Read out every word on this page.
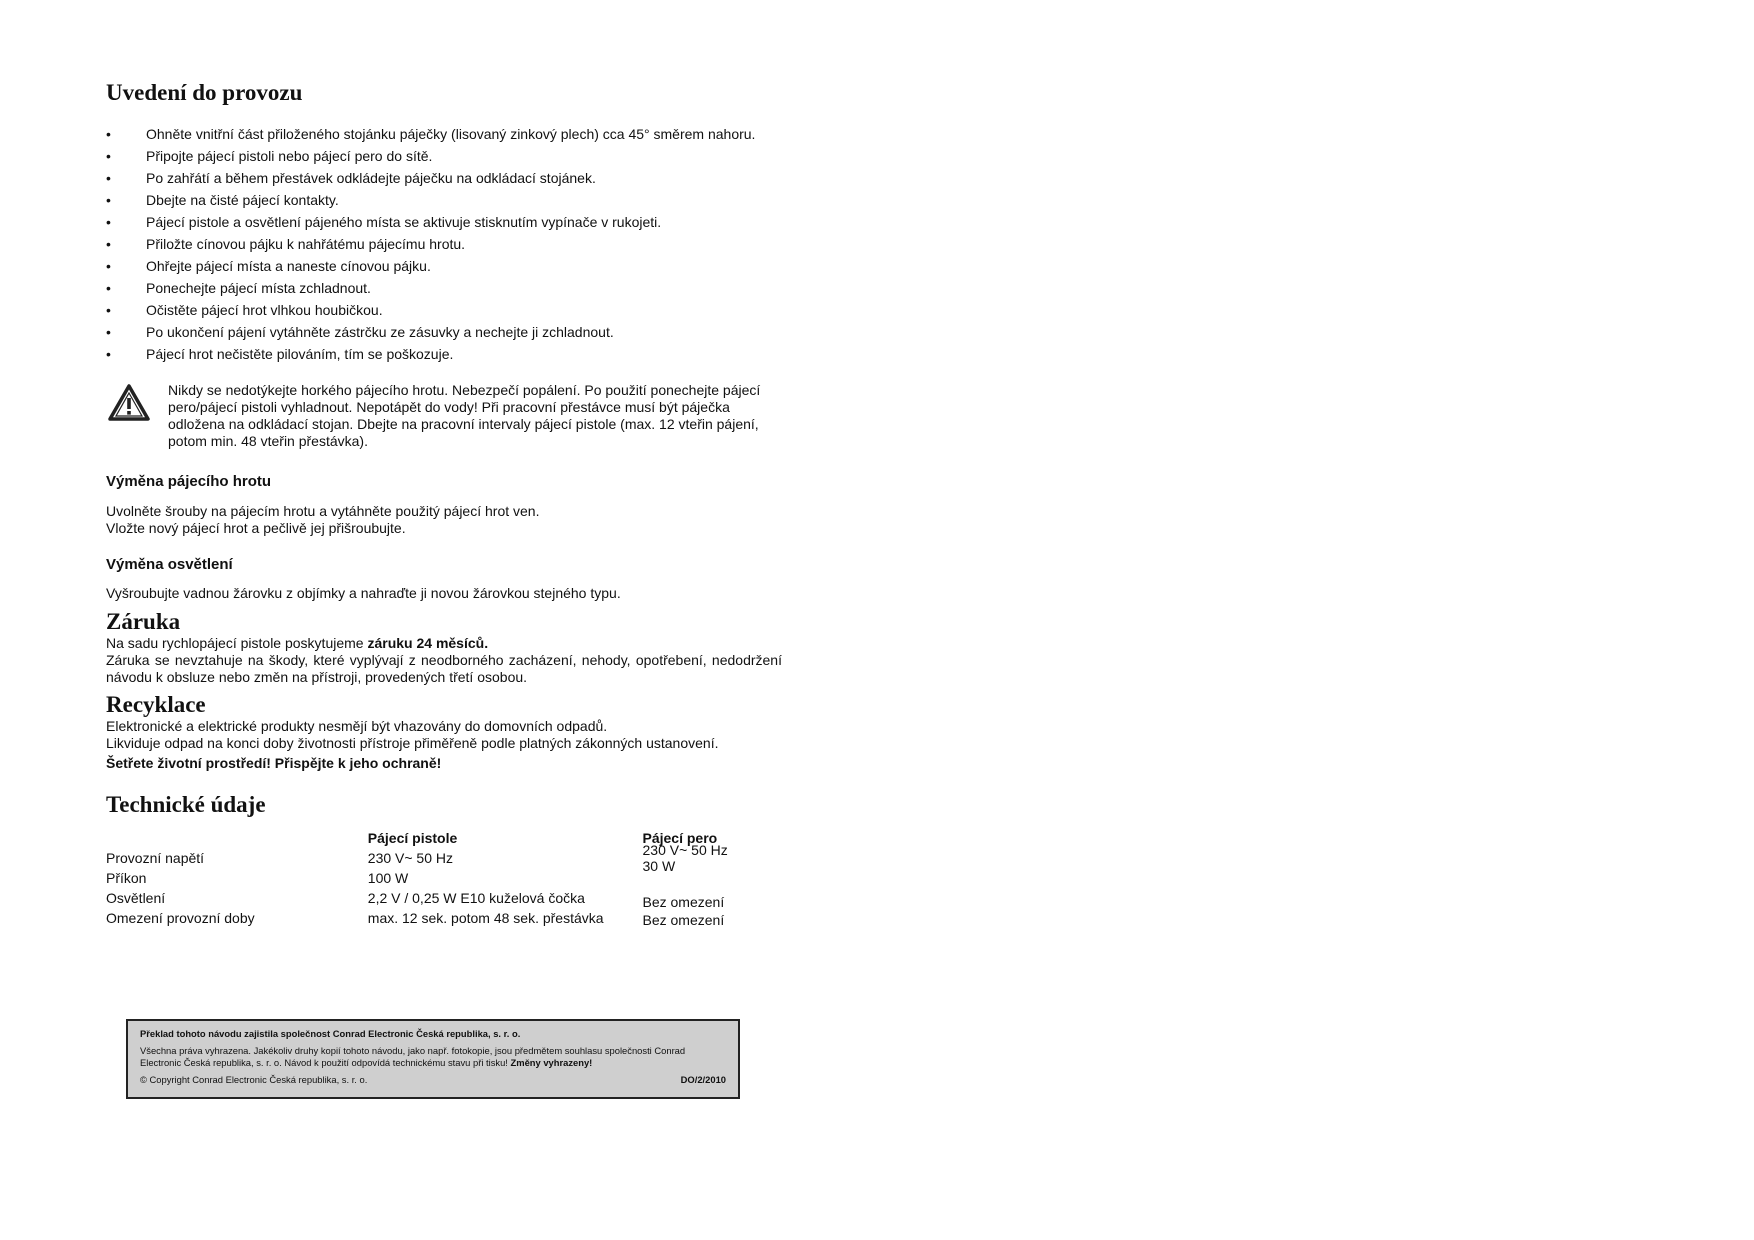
Uvedení do provozu
•	Ohněte vnitřní část přiloženého stojánku páječky (lisovaný zinkový plech) cca 45° směrem nahoru.
•	Připojte pájecí pistoli nebo pájecí pero do sítě.
•	Po zahřátí a během přestávek odkládejte páječku na odkládací stojánek.
•	Dbejte na čisté pájecí kontakty.
•	Pájecí pistole a osvětlení pájeného místa se aktivuje stisknutím vypínače v rukojeti.
•	Přiložte cínovou pájku k nahřátému pájecímu hrotu.
•	Ohřejte pájecí místa a naneste cínovou pájku.
•	Ponechejte pájecí místa zchladnout.
•	Očistěte pájecí hrot vlhkou houbičkou.
•	Po ukončení pájení vytáhněte zástrčku ze zásuvky a nechejte ji zchladnout.
•	Pájecí hrot nečistěte pilováním, tím se poškozuje.
Nikdy se nedotýkejte horkého pájecího hrotu. Nebezpečí popálení. Po použití ponechejte pájecí pero/pájecí pistoli vyhladnout. Nepotápět do vody! Při pracovní přestávce musí být páječka odložena na odkládací stojan. Dbejte na pracovní intervaly pájecí pistole (max. 12 vteřin pájení, potom min. 48 vteřin přestávka).
Výměna pájecího hrotu

Uvolněte šrouby na pájecím hrotu a vytáhněte použitý pájecí hrot ven.

Vložte nový pájecí hrot a pečlivě jej přišroubujte.

Výměna osvětlení

Vyšroubujte vadnou žárovku z objímky a nahraďte ji novou žárovkou stejného typu.

Záruka

Na sadu rychlopájecí pistole poskytujeme záruku 24 měsíců.

Záruka se nevztahuje na škody, které vyplývají z neodborného zacházení, nehody, opotřebení, nedodržení návodu k obsluze nebo změn na přístroji, provedených třetí osobou.

Recyklace

Elektronické a elektrické produkty nesmějí být vhazovány do domovních odpadů.

Likviduje odpad na konci doby životnosti přístroje přiměřeně podle platných zákonných ustanovení.

Šetřete životní prostředí! Přispějte k jeho ochraně!

Technické údaje
	Pájecí pistole	Pájecí pero
Provozní napětí	230 V~ 50 Hz	230 V~ 50 Hz
Příkon	100 W	30 W
Osvětlení	2,2 V / 0,25 W E10 kuželová čočka	Bez omezení
Omezení provozní doby	max. 12 sek. potom 48 sek. přestávka	Bez omezení
Překlad tohoto návodu zajistila společnost Conrad Electronic Česká republika, s. r. o.
Všechna práva vyhrazena. Jakékoliv druhy kopií tohoto návodu, jako např. fotokopie, jsou předmětem souhlasu společnosti Conrad Electronic Česká republika, s. r. o. Návod k použití odpovídá technickému stavu při tisku! Změny vyhrazeny!
© Copyright Conrad Electronic Česká republika, s. r. o.	DO/2/2010
